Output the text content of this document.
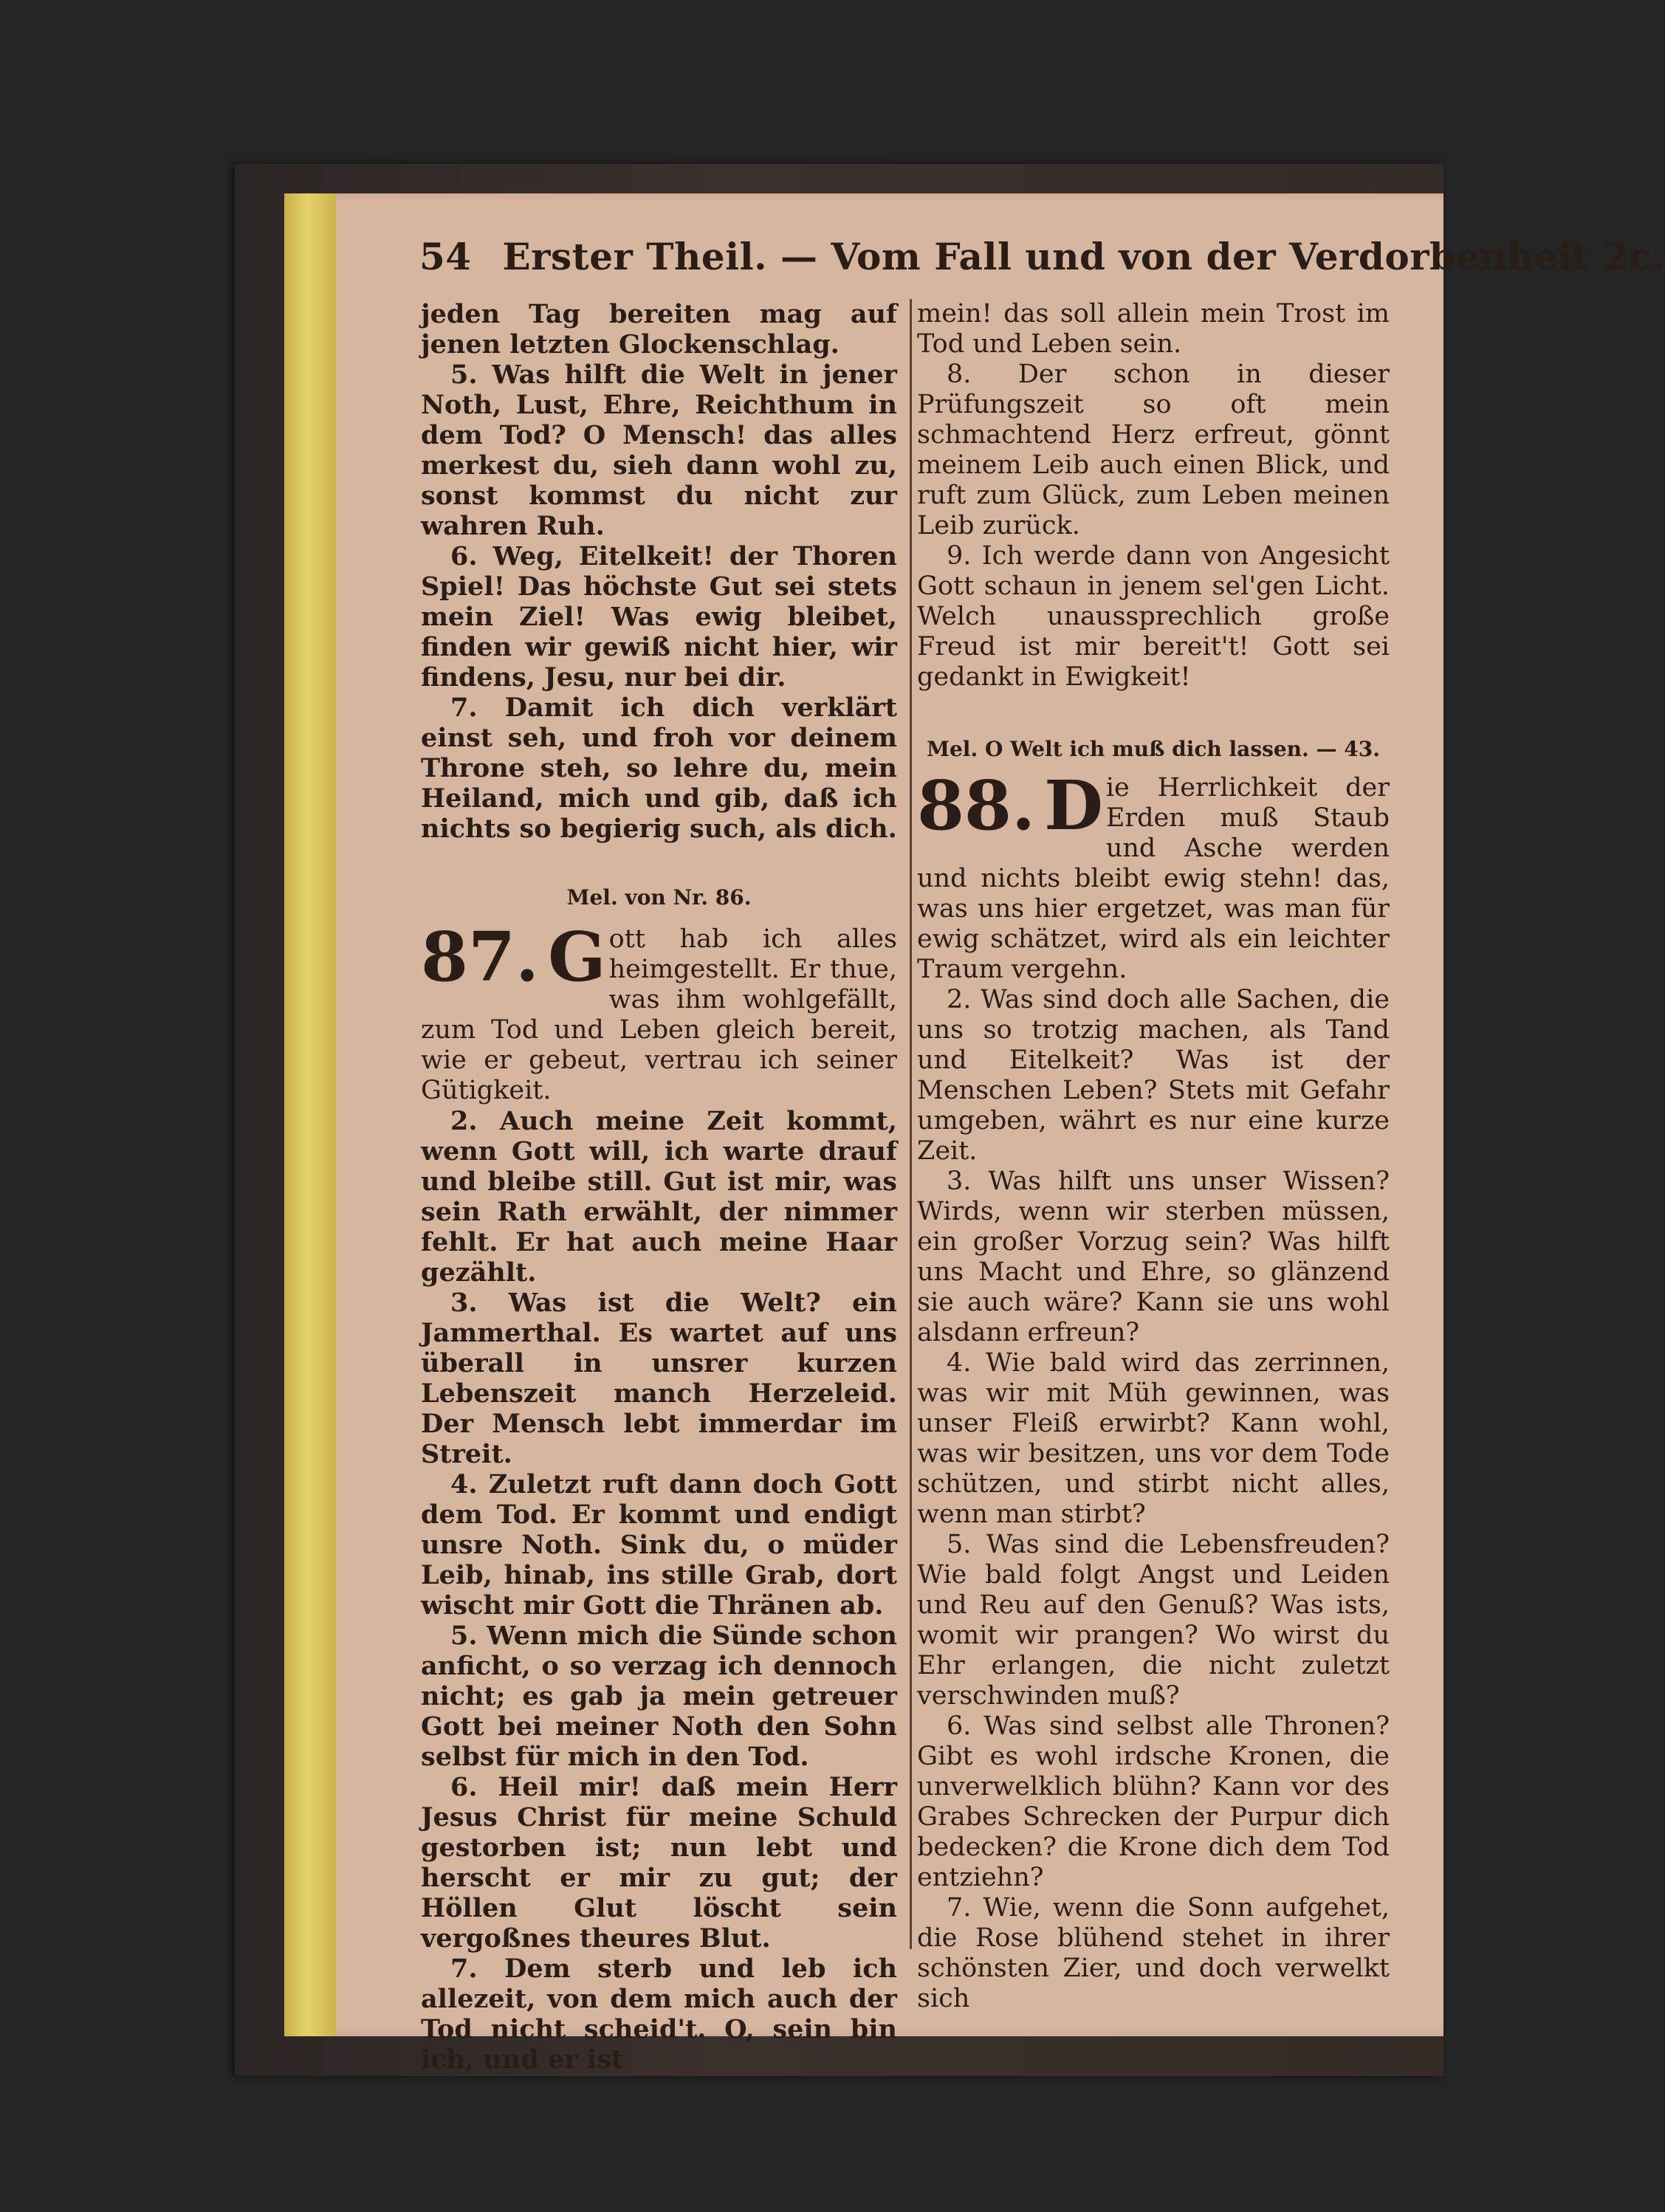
54 Erster Theil. — Vom Fall und von der Verdorbenheit 2c.

jeden Tag bereiten mag auf jenen letzten Glockenschlag.

5. Was hilft die Welt in jener Noth, Lust, Ehre, Reichthum in dem Tod? O Mensch! das alles merkest du, sieh dann wohl zu, sonst kommst du nicht zur wahren Ruh.

6. Weg, Eitelkeit! der Thoren Spiel! Das höchste Gut sei stets mein Ziel! Was ewig bleibet, finden wir gewiß nicht hier, wir findens, Jesu, nur bei dir.

7. Damit ich dich verklärt einst seh, und froh vor deinem Throne steh, so lehre du, mein Heiland, mich und gib, daß ich nichts so begierig such, als dich.

Mel. von Nr. 86.

87. G ott hab ich alles heimgestellt. Er thue, was ihm wohlgefällt, zum Tod und Leben gleich bereit, wie er gebeut, vertrau ich seiner Gütigkeit.

2. Auch meine Zeit kommt, wenn Gott will, ich warte drauf und bleibe still. Gut ist mir, was sein Rath erwählt, der nimmer fehlt. Er hat auch meine Haar gezählt.

3. Was ist die Welt? ein Jammerthal. Es wartet auf uns überall in unsrer kurzen Lebenszeit manch Herzeleid. Der Mensch lebt immerdar im Streit.

4. Zuletzt ruft dann doch Gott dem Tod. Er kommt und endigt unsre Noth. Sink du, o müder Leib, hinab, ins stille Grab, dort wischt mir Gott die Thränen ab.

5. Wenn mich die Sünde schon anficht, o so verzag ich dennoch nicht; es gab ja mein getreuer Gott bei meiner Noth den Sohn selbst für mich in den Tod.

6. Heil mir! daß mein Herr Jesus Christ für meine Schuld gestorben ist; nun lebt und herscht er mir zu gut; der Höllen Glut löscht sein vergoßnes theures Blut.

7. Dem sterb und leb ich allezeit, von dem mich auch der Tod nicht scheid't. O, sein bin ich, und er ist

mein! das soll allein mein Trost im Tod und Leben sein.

8. Der schon in dieser Prüfungszeit so oft mein schmachtend Herz erfreut, gönnt meinem Leib auch einen Blick, und ruft zum Glück, zum Leben meinen Leib zurück.

9. Ich werde dann von Angesicht Gott schaun in jenem sel'gen Licht. Welch unaussprechlich große Freud ist mir bereit't! Gott sei gedankt in Ewigkeit!

Mel. O Welt ich muß dich lassen. — 43.

88. D ie Herrlichkeit der Erden muß Staub und Asche werden und nichts bleibt ewig stehn! das, was uns hier ergetzet, was man für ewig schätzet, wird als ein leichter Traum vergehn.

2. Was sind doch alle Sachen, die uns so trotzig machen, als Tand und Eitelkeit? Was ist der Menschen Leben? Stets mit Gefahr umgeben, währt es nur eine kurze Zeit.

3. Was hilft uns unser Wissen? Wirds, wenn wir sterben müssen, ein großer Vorzug sein? Was hilft uns Macht und Ehre, so glänzend sie auch wäre? Kann sie uns wohl alsdann erfreun?

4. Wie bald wird das zerrinnen, was wir mit Müh gewinnen, was unser Fleiß erwirbt? Kann wohl, was wir besitzen, uns vor dem Tode schützen, und stirbt nicht alles, wenn man stirbt?

5. Was sind die Lebensfreuden? Wie bald folgt Angst und Leiden und Reu auf den Genuß? Was ists, womit wir prangen? Wo wirst du Ehr erlangen, die nicht zuletzt verschwinden muß?

6. Was sind selbst alle Thronen? Gibt es wohl irdsche Kronen, die unverwelklich blühn? Kann vor des Grabes Schrecken der Purpur dich bedecken? die Krone dich dem Tod entziehn?

7. Wie, wenn die Sonn aufgehet, die Rose blühend stehet in ihrer schönsten Zier, und doch verwelkt sich
